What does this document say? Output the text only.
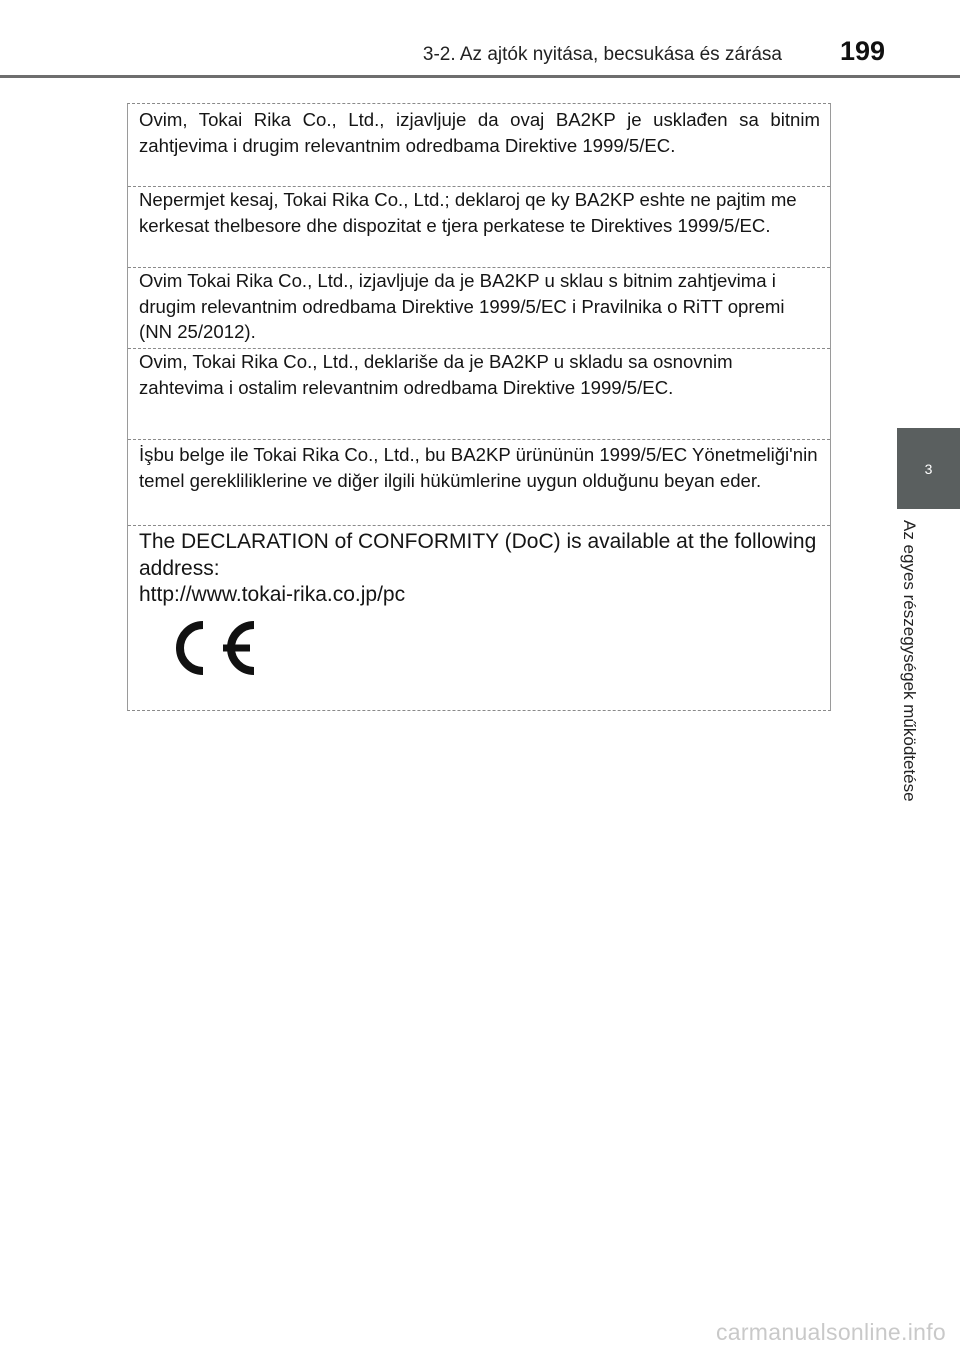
3-2. Az ajtók nyitása, becsukása és zárása 199
3
Az egyes részegységek működtetése
Ovim, Tokai Rika Co., Ltd., izjavljuje da ovaj BA2KP je usklađen sa bitnim zahtjevima i drugim relevantnim odredbama Direktive 1999/5/EC.
Nepermjet kesaj, Tokai Rika Co., Ltd.; deklaroj qe ky BA2KP eshte ne pajtim me kerkesat thelbesore dhe dispozitat e tjera perkatese te Direktives 1999/5/EC.
Ovim Tokai Rika Co., Ltd., izjavljuje da je BA2KP u sklau s bitnim zahtjevima i drugim relevantnim odredbama Direktive 1999/5/EC i Pravilnika o RiTT opremi (NN 25/2012).
Ovim, Tokai Rika Co., Ltd., deklariše da je BA2KP u skladu sa osnovnim zahtevima i ostalim relevantnim odredbama Direktive 1999/5/EC.
İşbu belge ile Tokai Rika Co., Ltd., bu BA2KP ürününün 1999/5/EC Yönetmeliği'nin temel gerekliliklerine ve diğer ilgili hükümlerine uygun olduğunu beyan eder.
The DECLARATION of CONFORMITY (DoC) is available at the following address:
http://www.tokai-rika.co.jp/pc
carmanualsonline.info
